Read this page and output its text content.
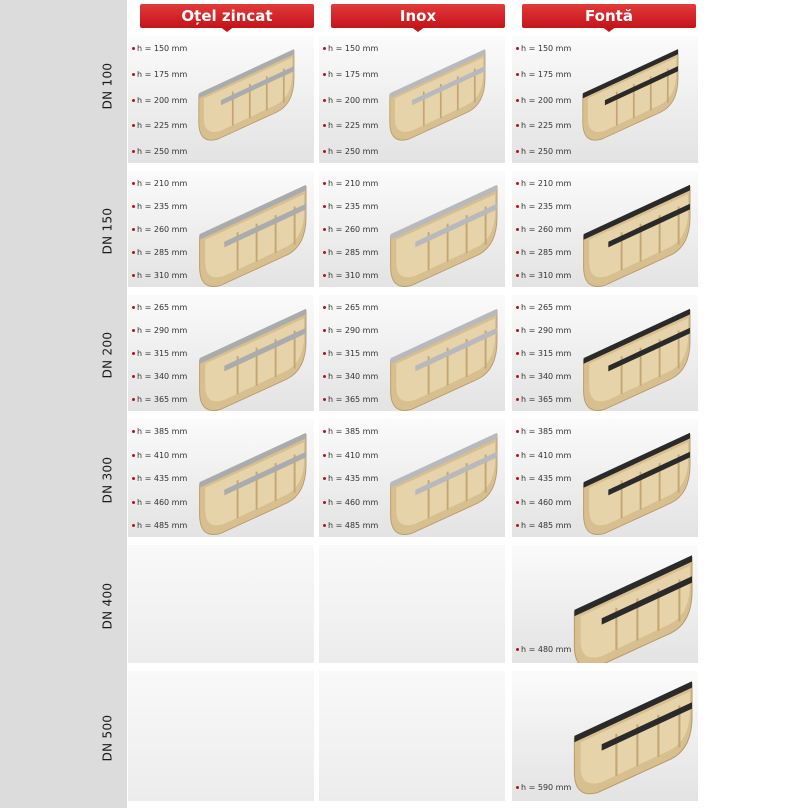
DN 100
DN 150
DN 200
DN 300
DN 400
DN 500
Oțel zincat	Inox	Fontă
h = 150 mm
h = 175 mm
h = 200 mm
h = 225 mm
h = 250 mm
h = 150 mm
h = 175 mm
h = 200 mm
h = 225 mm
h = 250 mm
h = 150 mm
h = 175 mm
h = 200 mm
h = 225 mm
h = 250 mm
h = 210 mm
h = 235 mm
h = 260 mm
h = 285 mm
h = 310 mm
h = 210 mm
h = 235 mm
h = 260 mm
h = 285 mm
h = 310 mm
h = 210 mm
h = 235 mm
h = 260 mm
h = 285 mm
h = 310 mm
h = 265 mm
h = 290 mm
h = 315 mm
h = 340 mm
h = 365 mm
h = 265 mm
h = 290 mm
h = 315 mm
h = 340 mm
h = 365 mm
h = 265 mm
h = 290 mm
h = 315 mm
h = 340 mm
h = 365 mm
h = 385 mm
h = 410 mm
h = 435 mm
h = 460 mm
h = 485 mm
h = 385 mm
h = 410 mm
h = 435 mm
h = 460 mm
h = 485 mm
h = 385 mm
h = 410 mm
h = 435 mm
h = 460 mm
h = 485 mm
h = 480 mm
h = 590 mm
